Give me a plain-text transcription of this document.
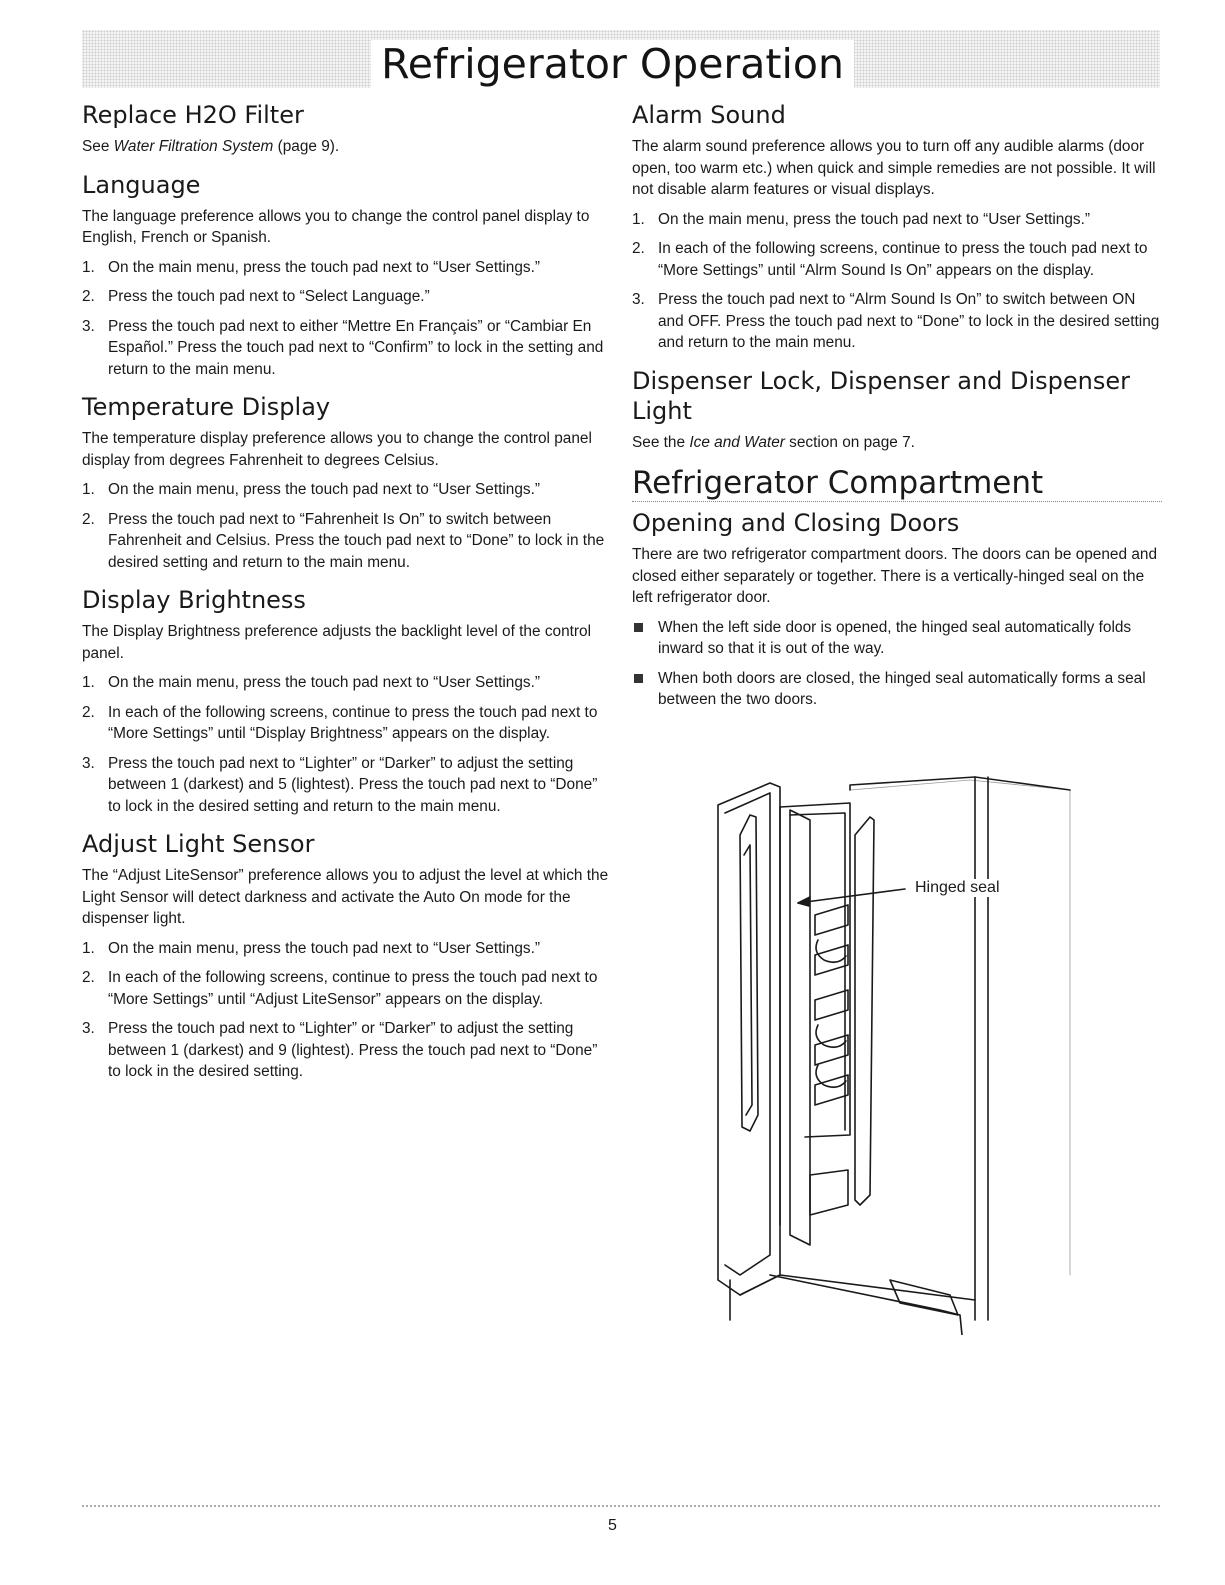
Refrigerator Operation
Replace H2O Filter

See Water Filtration System (page 9).

Language

The language preference allows you to change the control panel display to English, French or Spanish.

1. On the main menu, press the touch pad next to “User Settings.”
2. Press the touch pad next to “Select Language.”
3. Press the touch pad next to either “Mettre En Français” or “Cambiar En Español.” Press the touch pad next to “Confirm” to lock in the setting and return to the main menu.
Temperature Display

The temperature display preference allows you to change the control panel display from degrees Fahrenheit to degrees Celsius.

1. On the main menu, press the touch pad next to “User Settings.”
2. Press the touch pad next to “Fahrenheit Is On” to switch between Fahrenheit and Celsius. Press the touch pad next to “Done” to lock in the desired setting and return to the main menu.
Display Brightness

The Display Brightness preference adjusts the backlight level of the control panel.

1. On the main menu, press the touch pad next to “User Settings.”
2. In each of the following screens, continue to press the touch pad next to “More Settings” until “Display Brightness” appears on the display.
3. Press the touch pad next to “Lighter” or “Darker” to adjust the setting between 1 (darkest) and 5 (lightest). Press the touch pad next to “Done” to lock in the desired setting and return to the main menu.
Adjust Light Sensor

The “Adjust LiteSensor” preference allows you to adjust the level at which the Light Sensor will detect darkness and activate the Auto On mode for the dispenser light.

1. On the main menu, press the touch pad next to “User Settings.”
2. In each of the following screens, continue to press the touch pad next to “More Settings” until “Adjust LiteSensor” appears on the display.
3. Press the touch pad next to “Lighter” or “Darker” to adjust the setting between 1 (darkest) and 9 (lightest). Press the touch pad next to “Done” to lock in the desired setting.
Alarm Sound

The alarm sound preference allows you to turn off any audible alarms (door open, too warm etc.) when quick and simple remedies are not possible. It will not disable alarm features or visual displays.

1. On the main menu, press the touch pad next to “User Settings.”
2. In each of the following screens, continue to press the touch pad next to “More Settings” until “Alrm Sound Is On” appears on the display.
3. Press the touch pad next to “Alrm Sound Is On” to switch between ON and OFF. Press the touch pad next to “Done” to lock in the desired setting and return to the main menu.
Dispenser Lock, Dispenser and Dispenser Light

See the Ice and Water section on page 7.

Refrigerator Compartment
Opening and Closing Doors

There are two refrigerator compartment doors. The doors can be opened and closed either separately or together. There is a vertically-hinged seal on the left refrigerator door.

When the left side door is opened, the hinged seal automatically folds inward so that it is out of the way.
When both doors are closed, the hinged seal automatically forms a seal between the two doors.
Hinged seal
5
